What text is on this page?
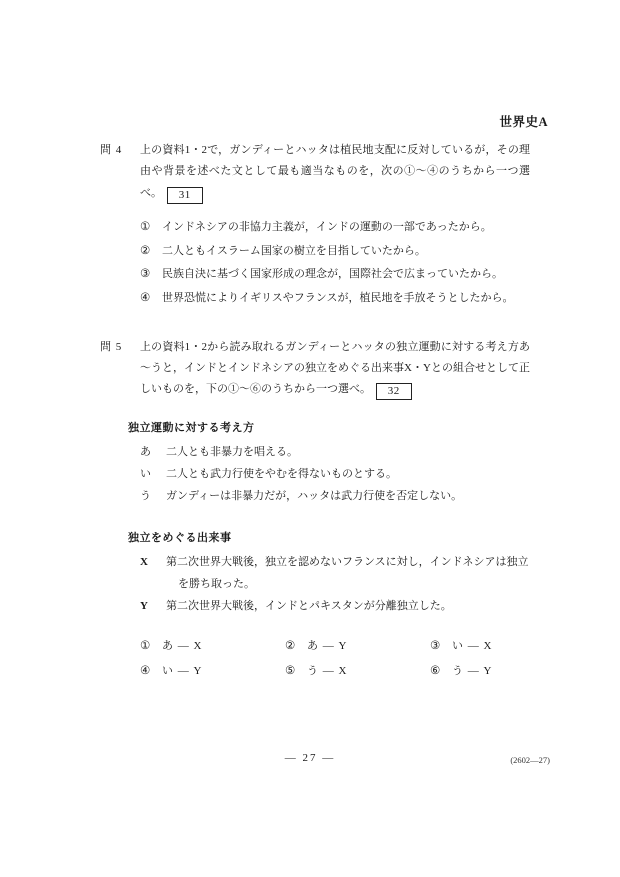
世界史A
問 4	上の資料1・2で，ガンディーとハッタは植民地支配に反対しているが，その理由や背景を述べた文として最も適当なものを，次の①～④のうちから一つ選べ。 31
①	インドネシアの非協力主義が，インドの運動の一部であったから。
②	二人ともイスラーム国家の樹立を目指していたから。
③	民族自決に基づく国家形成の理念が，国際社会で広まっていたから。
④	世界恐慌によりイギリスやフランスが，植民地を手放そうとしたから。
問 5	上の資料1・2から読み取れるガンディーとハッタの独立運動に対する考え方あ～うと，インドとインドネシアの独立をめぐる出来事X・Yとの組合せとして正しいものを，下の①～⑥のうちから一つ選べ。 32
独立運動に対する考え方
あ	二人とも非暴力を唱える。
い	二人とも武力行使をやむを得ないものとする。
う	ガンディーは非暴力だが，ハッタは武力行使を否定しない。
独立をめぐる出来事
X	第二次世界大戦後，独立を認めないフランスに対し，インドネシアは独立
を勝ち取った。
Y	第二次世界大戦後，インドとパキスタンが分離独立した。
①	あ ― X	②	あ ― Y	③	い ― X
④	い ― Y	⑤	う ― X	⑥	う ― Y
― 27 ―	(2602―27)
